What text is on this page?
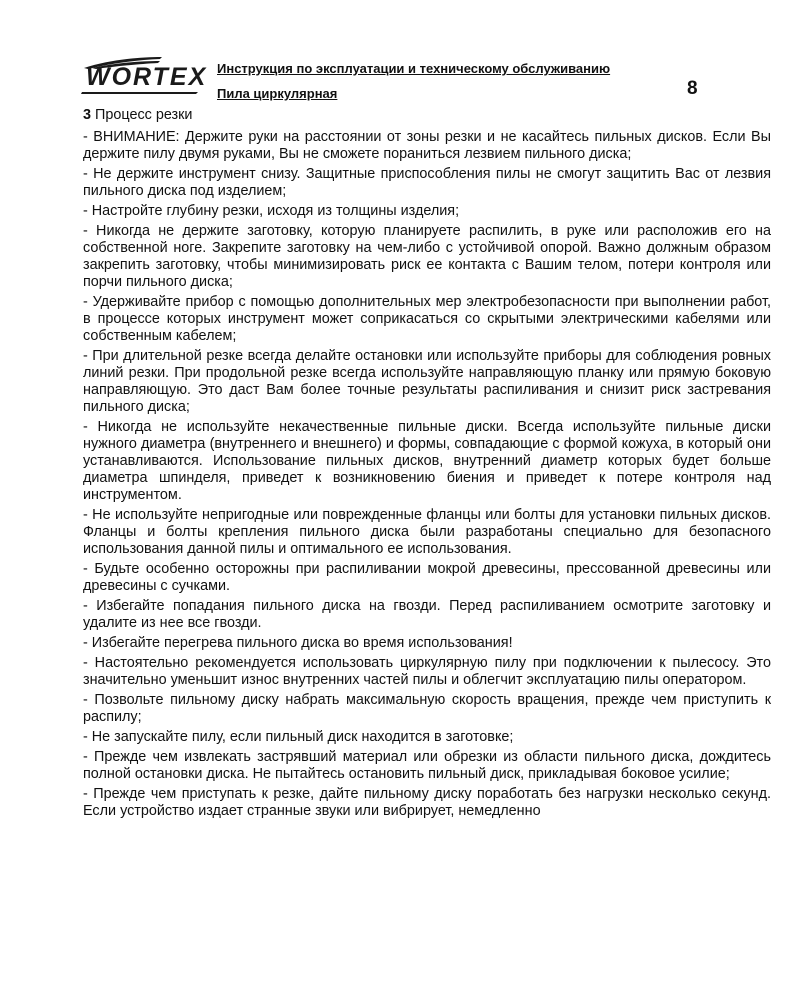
WORTEX Инструкция по эксплуатации и техническому обслуживанию
Пила циркулярная	8
3 Процесс резки

- ВНИМАНИЕ: Держите руки на расстоянии от зоны резки и не касайтесь пильных дисков. Если Вы держите пилу двумя руками, Вы не сможете пораниться лезвием пильного диска;

- Не держите инструмент снизу. Защитные приспособления пилы не смогут защитить Вас от лезвия пильного диска под изделием;

- Настройте глубину резки, исходя из толщины изделия;

- Никогда не держите заготовку, которую планируете распилить, в руке или расположив его на собственной ноге. Закрепите заготовку на чем-либо с устойчивой опорой. Важно должным образом закрепить заготовку, чтобы минимизировать риск ее контакта с Вашим телом, потери контроля или порчи пильного диска;

- Удерживайте прибор с помощью дополнительных мер электробезопасности при выполнении работ, в процессе которых инструмент может соприкасаться со скрытыми электрическими кабелями или собственным кабелем;

- При длительной резке всегда делайте остановки или используйте приборы для соблюдения ровных линий резки. При продольной резке всегда используйте направляющую планку или прямую боковую направляющую. Это даст Вам более точные результаты распиливания и снизит риск застревания пильного диска;

- Никогда не используйте некачественные пильные диски. Всегда используйте пильные диски нужного диаметра (внутреннего и внешнего) и формы, совпадающие с формой кожуха, в который они устанавливаются. Использование пильных дисков, внутренний диаметр которых будет больше диаметра шпинделя, приведет к возникновению биения и приведет к потере контроля над инструментом.

- Не используйте непригодные или поврежденные фланцы или болты для установки пильных дисков. Фланцы и болты крепления пильного диска были разработаны специально для безопасного использования данной пилы и оптимального ее использования.

- Будьте особенно осторожны при распиливании мокрой древесины, прессованной древесины или древесины с сучками.

- Избегайте попадания пильного диска на гвозди. Перед распиливанием осмотрите заготовку и удалите из нее все гвозди.

- Избегайте перегрева пильного диска во время использования!

- Настоятельно рекомендуется использовать циркулярную пилу при подключении к пылесосу. Это значительно уменьшит износ внутренних частей пилы и облегчит эксплуатацию пилы оператором.

- Позвольте пильному диску набрать максимальную скорость вращения, прежде чем приступить к распилу;

- Не запускайте пилу, если пильный диск находится в заготовке;

- Прежде чем извлекать застрявший материал или обрезки из области пильного диска, дождитесь полной остановки диска. Не пытайтесь остановить пильный диск, прикладывая боковое усилие;

- Прежде чем приступать к резке, дайте пильному диску поработать без нагрузки несколько секунд. Если устройство издает странные звуки или вибрирует, немедленно
